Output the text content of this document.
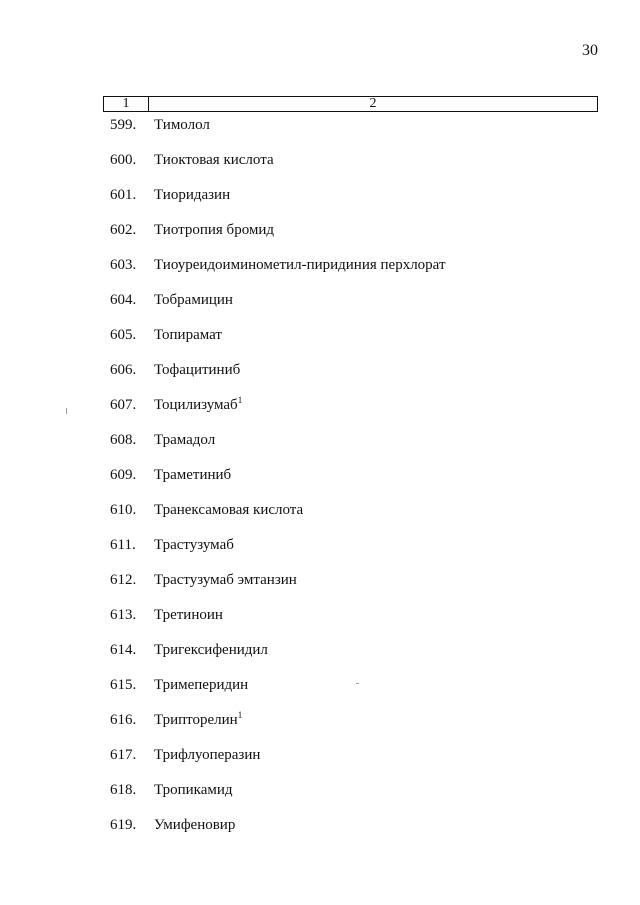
30
1	2
599.	Тимолол
600.	Тиоктовая кислота
601.	Тиоридазин
602.	Тиотропия бромид
603.	Тиоуреидоиминометил-пиридиния перхлорат
604.	Тобрамицин
605.	Топирамат
606.	Тофацитиниб
607.	Тоцилизумаб$^1$
608.	Трамадол
609.	Траметиниб
610.	Транексамовая кислота
611.	Трастузумаб
612.	Трастузумаб эмтанзин
613.	Третиноин
614.	Тригексифенидил
615.	Тримеперидин
616.	Трипторелин$^1$
617.	Трифлуоперазин
618.	Тропикамид
619.	Умифеновир
